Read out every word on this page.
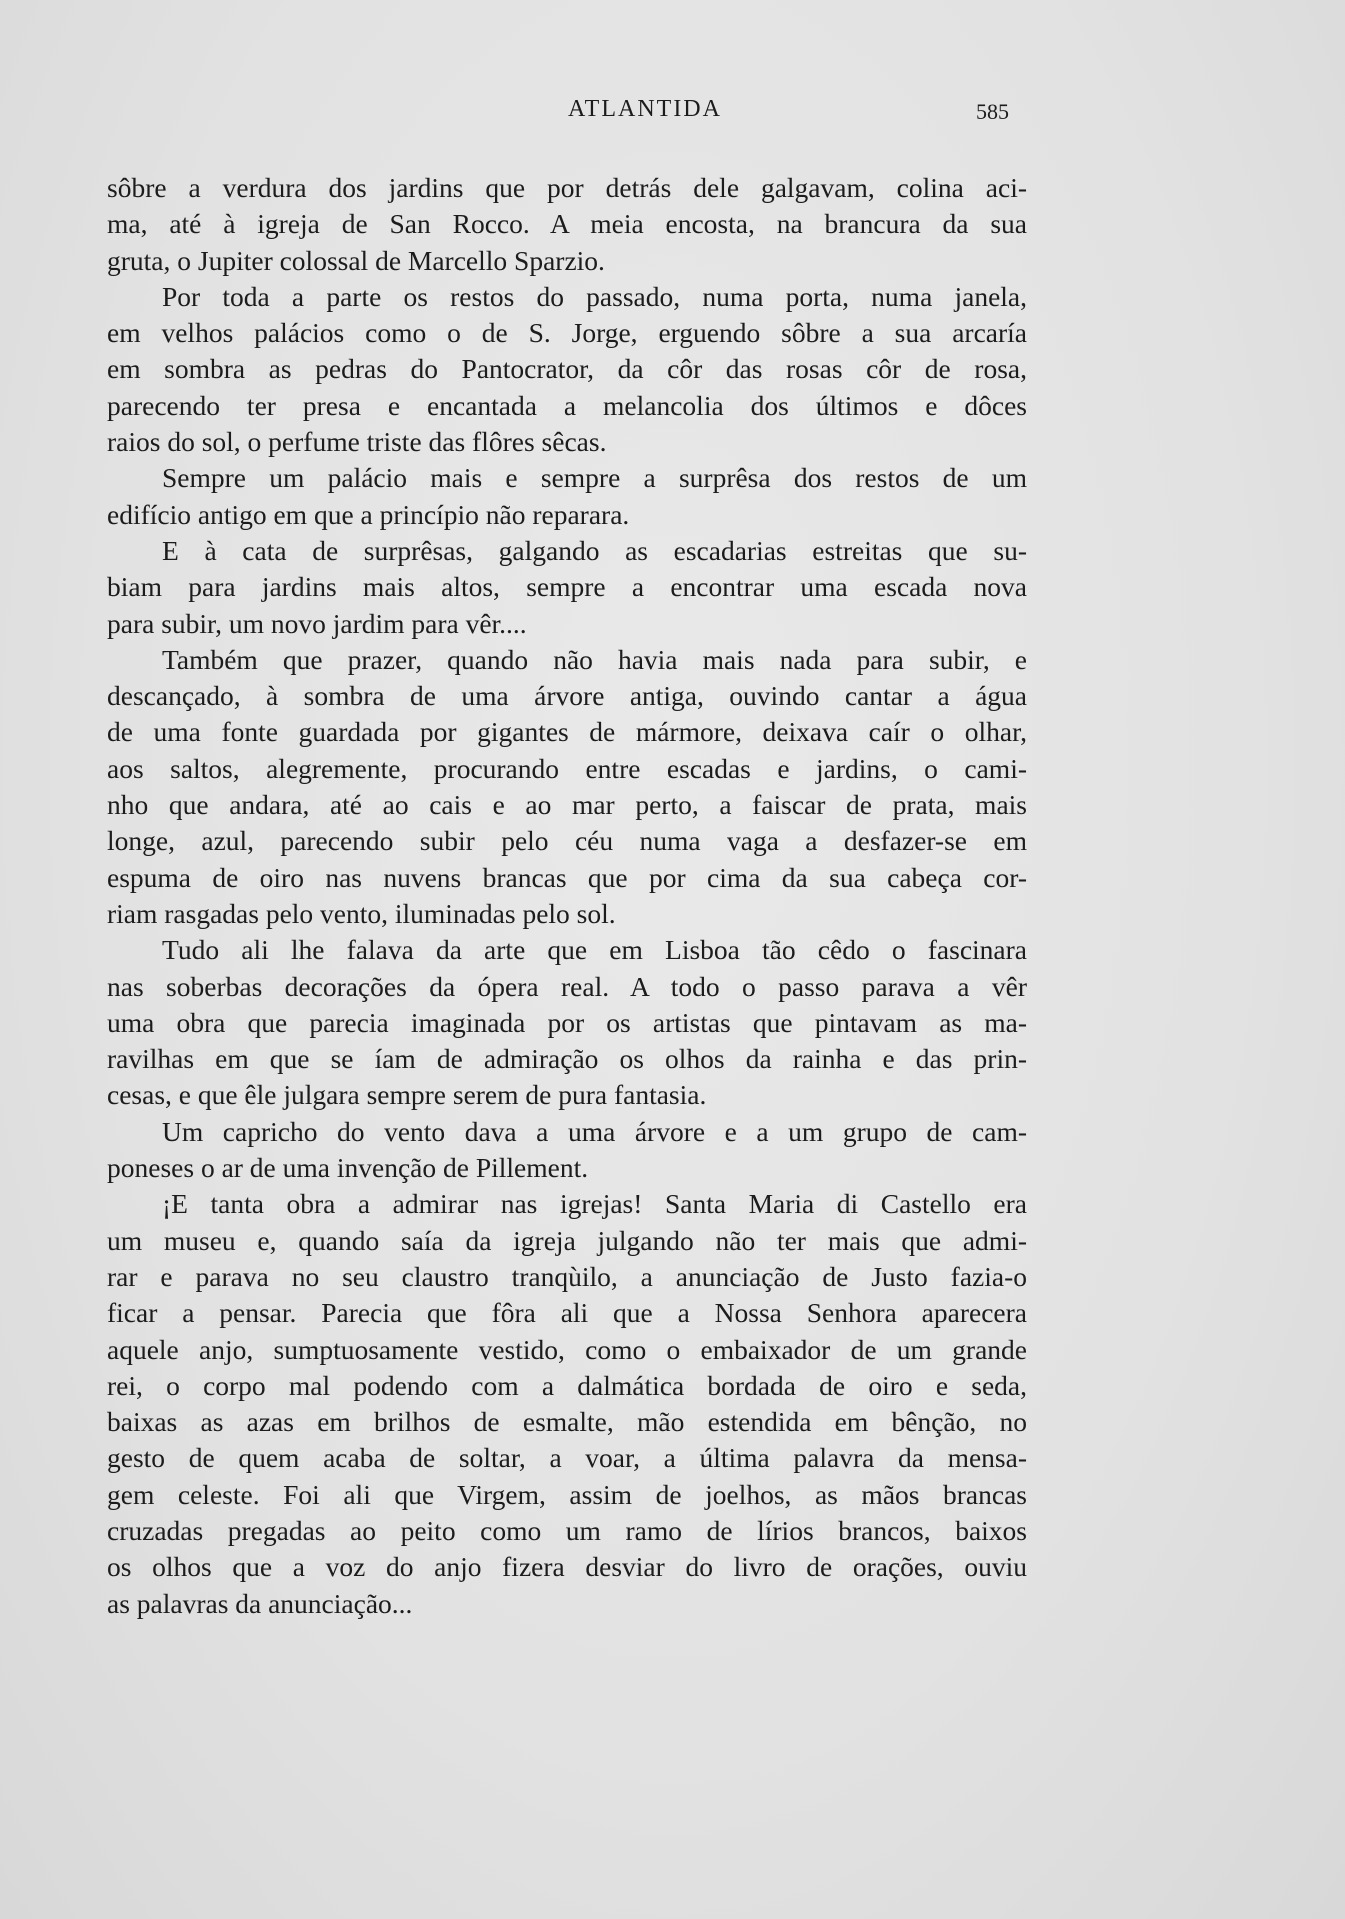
ATLANTIDA	585
sôbre a verdura dos jardins que por detrás dele galgavam, colina aci-
ma, até à igreja de San Rocco. A meia encosta, na brancura da sua
gruta, o Jupiter colossal de Marcello Sparzio.
Por toda a parte os restos do passado, numa porta, numa janela,
em velhos palácios como o de S. Jorge, erguendo sôbre a sua arcaría
em sombra as pedras do Pantocrator, da côr das rosas côr de rosa,
parecendo ter presa e encantada a melancolia dos últimos e dôces
raios do sol, o perfume triste das flôres sêcas.
Sempre um palácio mais e sempre a surprêsa dos restos de um
edifício antigo em que a princípio não reparara.
E à cata de surprêsas, galgando as escadarias estreitas que su-
biam para jardins mais altos, sempre a encontrar uma escada nova
para subir, um novo jardim para vêr....
Também que prazer, quando não havia mais nada para subir, e
descançado, à sombra de uma árvore antiga, ouvindo cantar a água
de uma fonte guardada por gigantes de mármore, deixava caír o olhar,
aos saltos, alegremente, procurando entre escadas e jardins, o cami-
nho que andara, até ao cais e ao mar perto, a faiscar de prata, mais
longe, azul, parecendo subir pelo céu numa vaga a desfazer-se em
espuma de oiro nas nuvens brancas que por cima da sua cabeça cor-
riam rasgadas pelo vento, iluminadas pelo sol.
Tudo ali lhe falava da arte que em Lisboa tão cêdo o fascinara
nas soberbas decorações da ópera real. A todo o passo parava a vêr
uma obra que parecia imaginada por os artistas que pintavam as ma-
ravilhas em que se íam de admiração os olhos da rainha e das prin-
cesas, e que êle julgara sempre serem de pura fantasia.
Um capricho do vento dava a uma árvore e a um grupo de cam-
poneses o ar de uma invenção de Pillement.
¡E tanta obra a admirar nas igrejas! Santa Maria di Castello era
um museu e, quando saía da igreja julgando não ter mais que admi-
rar e parava no seu claustro tranqùilo, a anunciação de Justo fazia-o
ficar a pensar. Parecia que fôra ali que a Nossa Senhora aparecera
aquele anjo, sumptuosamente vestido, como o embaixador de um grande
rei, o corpo mal podendo com a dalmática bordada de oiro e seda,
baixas as azas em brilhos de esmalte, mão estendida em bênção, no
gesto de quem acaba de soltar, a voar, a última palavra da mensa-
gem celeste. Foi ali que Virgem, assim de joelhos, as mãos brancas
cruzadas pregadas ao peito como um ramo de lírios brancos, baixos
os olhos que a voz do anjo fizera desviar do livro de orações, ouviu
as palavras da anunciação...
